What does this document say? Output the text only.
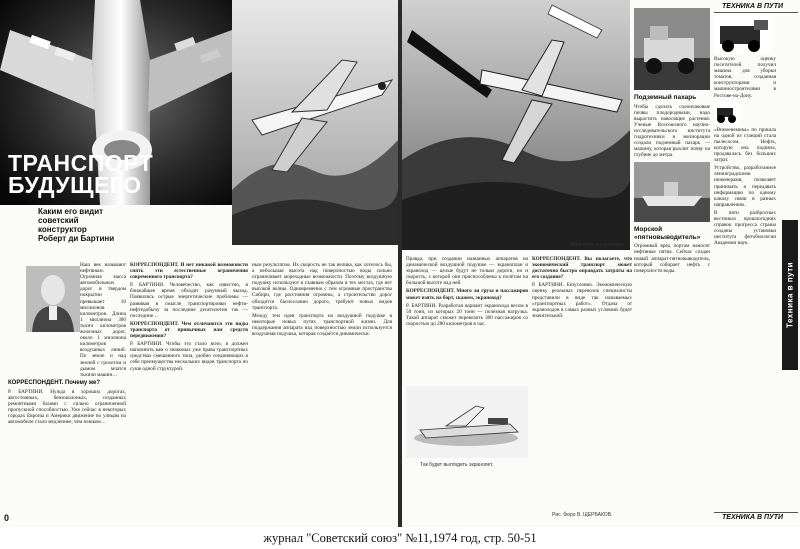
ТРАНСПОРТ
БУДУЩЕГО
Каким его видит советский конструктор Роберт ди Бартини

Наш век называют нефтяным. Огромная масса автомобильных дорог в твердом покрытии превышает 10 миллионов километров. Длина 1 миллиона 300 тысяч километров железных дорог, около 1 миллиона километров воздушных линий. По земле и над землей с грохотом и дымом мчатся тысячи машин…

КОРРЕСПОНДЕНТ. Почему же?

Р. БАРТИНИ. Нужда в хороших дорогах, автостоянках, бензоколонках, созданных ремонтными базами с сильно ограниченной пропускной способностью. Уже сейчас в некоторых городах Европы и Америки движение по улицам на автомобиле стало медленнее, чем пешком…

КОРРЕСПОНДЕНТ. И нет никакой возможности снять эти естественные ограничения современного транспорта?

Р. БАРТИНИ. Человечество, как известно, в ближайшее время обходит разумный выход. Появились острые энергетические проблемы — развивая в смысле транспортировки нефти-нефтедобычу за последние десятилетия так — последние…

КОРРЕСПОНДЕНТ. Чем отличаются эти виды транспорта от привычных нам средств передвижения?

Р. БАРТИНИ. Чтобы это стало ясно, я должен напомнить вам о знакомых уже права транспортных средствах смешанного типа, удобно соединяющих в себе преимущества нескольких видов транспорта по суше одной структурой.

ным результатом. Их скорость не так велика, как хотелось бы, а небольшая высота над поверхностью воды сильно ограничивает мореходные возможности. Поэтому воздушную подушку используют в главным образом в тех местах, где нет высокой волны. Одновременно с тем огромные пространства Сибири, где расстояния огромны, а строительство дорог обходится баснословно дорого, требуют новых видов транспорта.

Между тем идея транспорта на воздушной подушке в некоторые новых путях транспортной жизни. Для поддержания аппарата над поверхностью земли используется воздушная подушка, которая создаётся динамически.

0
Экранолет в экранолет.

Правда, при создании названных аппаратов на динамической воздушной подушке — экраноплан и экраноход — целые будут не только дороги, но и скорость, с которой они приспособлены к полётам на большой высоте над ней.

КОРРЕСПОНДЕНТ. Много ли груза и пассажиров может взять на борт, скажем, экраноход?

Р. БАРТИНИ. Разработан вариант экранохода весом в 50 тонн, из которых 20 тонн — полезная нагрузка. Такой аппарат сможет перевозить 300 пассажиров со скоростью до 280 километров в час.

Так будет выглядеть экранолет.

КОРРЕСПОНДЕНТ. Вы полагаете, что экономический транспорт может достаточно быстро оправдать затраты на его создание?

Р. БАРТИНИ. Безусловно. Экономическую оценку реальных перевозок специалисты представили в виде так называемых «транспортных работ». Отдача от экраноходов в самых разных условиях будет значительной.

Рис. бюро В. ЩЕРБАКОВ.
Подземный пахарь

Чтобы сделать солончаковые почвы плодородными, надо вырастить навосящие растения. Ученые Всесоюзного научно-исследовательского института гидротехники и мелиорации создали подземный пахарь — машину, которая рыхлит почву на глубине до метра.

Морской «пятновыводитель»

Огромный вред портам наносят нефтяные пятна. Сейчас создан новый аппарат-пятновыводитель, который собирает нефть с поверхности воды.

ТЕХНИКА В ПУТИ

Высокую оценку посетителей получил машина для уборки томатов, созданная конструкторами и машиностроителями в Ростове-на-Дону.

«Виноенемика» по пришла на одной из станций стала пылесосом. Нефть, которую она подняла, продавалась без больших затрат.

Устройство, разработанное ленинградскими инженерами, позволяет принимать и передавать информацию по одному каналу связи в разных направлениях.

В пяти разбросных вестниках прошлогодних справок прогресса страны созданы установки института фотобиологии Академии наук.

Техника в пути
ТЕХНИКА В ПУТИ
журнал "Советский союз" №11,1974 год, стр. 50-51
